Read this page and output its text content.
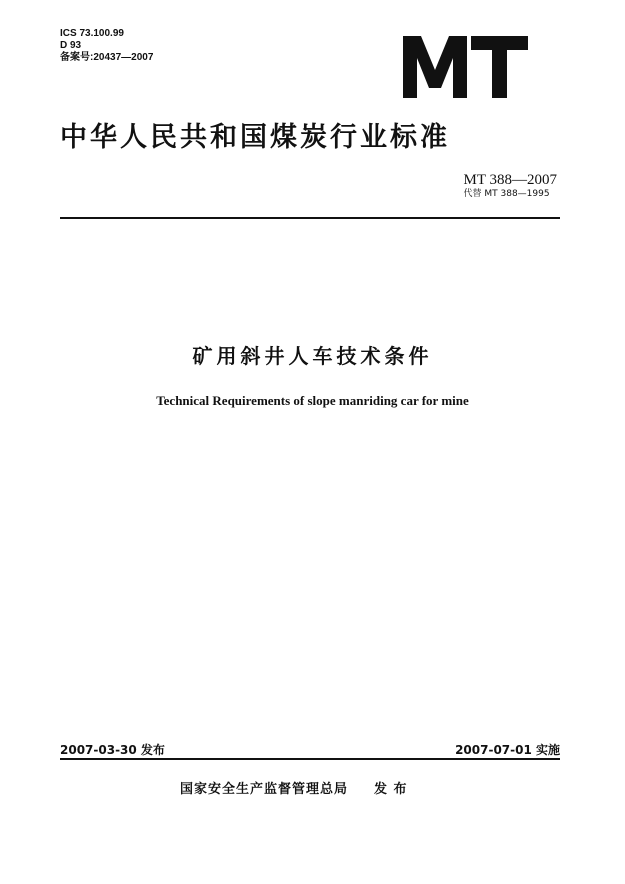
ICS 73.100.99
D 93
备案号:20437—2007
中华人民共和国煤炭行业标准
MT 388—2007
代替 MT 388—1995
矿用斜井人车技术条件
Technical Requirements of slope manriding car for mine
2007-03-30 发布	2007-07-01 实施
国家安全生产监督管理总局 发 布
